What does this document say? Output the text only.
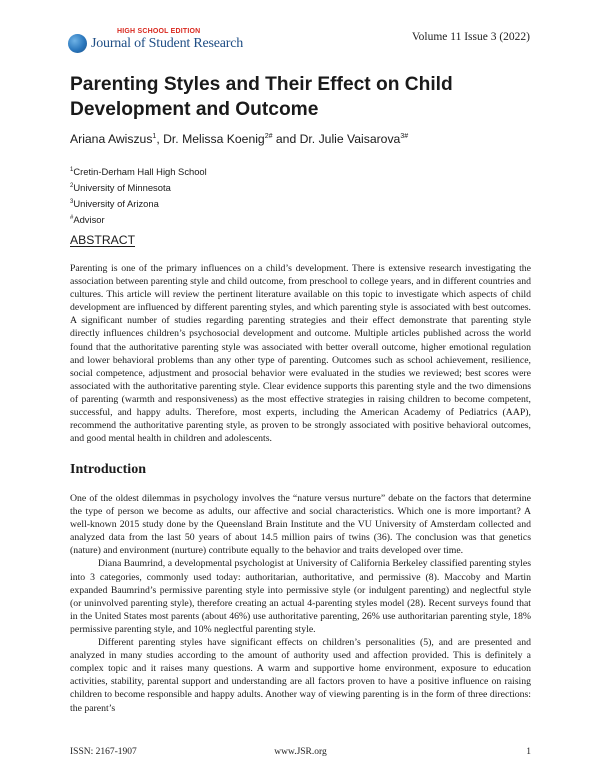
HIGH SCHOOL EDITION
Journal of Student Research	Volume 11 Issue 3 (2022)
Parenting Styles and Their Effect on Child Development and Outcome
Ariana Awiszus$^1$, Dr. Melissa Koenig$^{2\#}$ and Dr. Julie Vaisarova$^{3\#}$
$^1$Cretin-Derham Hall High School
$^2$University of Minnesota
$^3$University of Arizona
#Advisor
ABSTRACT

Parenting is one of the primary influences on a child’s development. There is extensive research investigating the association between parenting style and child outcome, from preschool to college years, and in different countries and cultures. This article will review the pertinent literature available on this topic to investigate which aspects of child development are influenced by different parenting styles, and which parenting style is associated with best outcomes. A significant number of studies regarding parenting strategies and their effect demonstrate that parenting style directly influences children’s psychosocial development and outcome. Multiple articles published across the world found that the authoritative parenting style was associated with better overall outcome, higher emotional regulation and lower behavioral problems than any other type of parenting. Outcomes such as school achievement, resilience, social competence, adjustment and prosocial behavior were evaluated in the studies we reviewed; best scores were associated with the authoritative parenting style. Clear evidence supports this parenting style and the two dimensions of parenting (warmth and responsiveness) as the most effective strategies in raising children to become competent, successful, and happy adults. Therefore, most experts, including the American Academy of Pediatrics (AAP), recommend the authoritative parenting style, as proven to be strongly associated with positive behavioral outcomes, and good mental health in children and adolescents.

Introduction

One of the oldest dilemmas in psychology involves the “nature versus nurture” debate on the factors that determine the type of person we become as adults, our affective and social characteristics. Which one is more important? A well-known 2015 study done by the Queensland Brain Institute and the VU University of Amsterdam collected and analyzed data from the last 50 years of about 14.5 million pairs of twins (36). The conclusion was that genetics (nature) and environment (nurture) contribute equally to the behavior and traits developed over time.

Diana Baumrind, a developmental psychologist at University of California Berkeley classified parenting styles into 3 categories, commonly used today: authoritarian, authoritative, and permissive (8). Maccoby and Martin expanded Baumrind’s permissive parenting style into permissive style (or indulgent parenting) and neglectful style (or uninvolved parenting style), therefore creating an actual 4-parenting styles model (28). Recent surveys found that in the United States most parents (about 46%) use authoritative parenting, 26% use authoritarian parenting style, 18% permissive parenting style, and 10% neglectful parenting style.

Different parenting styles have significant effects on children’s personalities (5), and are presented and analyzed in many studies according to the amount of authority used and affection provided. This is definitely a complex topic and it raises many questions. A warm and supportive home environment, exposure to education activities, stability, parental support and understanding are all factors proven to have a positive influence on raising children to become responsible and happy adults. Another way of viewing parenting is in the form of three directions: the parent’s

ISSN: 2167-1907	www.JSR.org	1
